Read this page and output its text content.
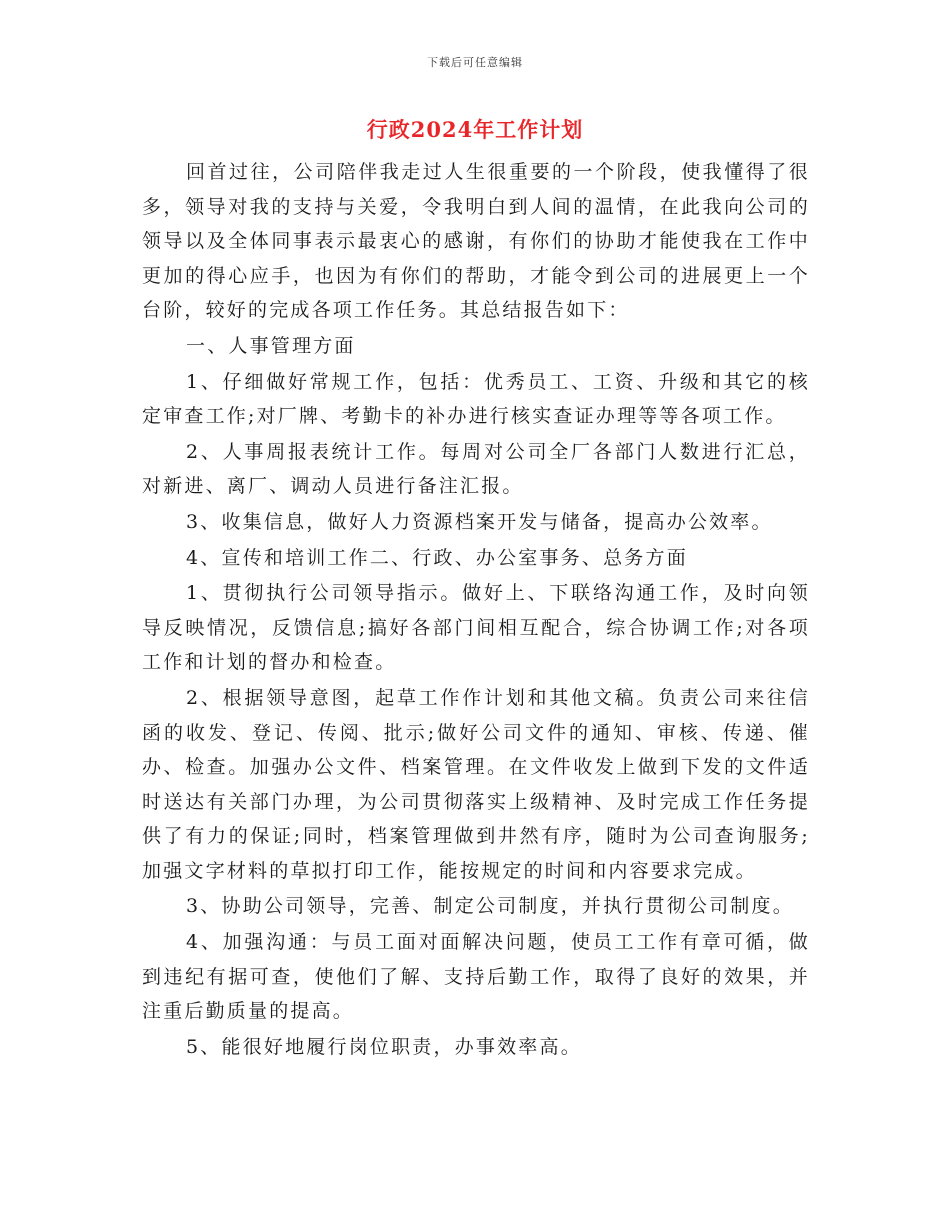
下载后可任意编辑
行政2024年工作计划

回首过往，公司陪伴我走过人生很重要的一个阶段，使我懂得了很多，领导对我的支持与关爱，令我明白到人间的温情，在此我向公司的领导以及全体同事表示最衷心的感谢，有你们的协助才能使我在工作中更加的得心应手，也因为有你们的帮助，才能令到公司的进展更上一个台阶，较好的完成各项工作任务。其总结报告如下：

一、人事管理方面

1、仔细做好常规工作，包括：优秀员工、工资、升级和其它的核定审查工作;对厂牌、考勤卡的补办进行核实查证办理等等各项工作。

2、人事周报表统计工作。每周对公司全厂各部门人数进行汇总，对新进、离厂、调动人员进行备注汇报。

3、收集信息，做好人力资源档案开发与储备，提高办公效率。

4、宣传和培训工作二、行政、办公室事务、总务方面

1、贯彻执行公司领导指示。做好上、下联络沟通工作，及时向领导反映情况，反馈信息;搞好各部门间相互配合，综合协调工作;对各项工作和计划的督办和检查。

2、根据领导意图，起草工作作计划和其他文稿。负责公司来往信函的收发、登记、传阅、批示;做好公司文件的通知、审核、传递、催办、检查。加强办公文件、档案管理。在文件收发上做到下发的文件适时送达有关部门办理，为公司贯彻落实上级精神、及时完成工作任务提供了有力的保证;同时，档案管理做到井然有序，随时为公司查询服务;加强文字材料的草拟打印工作，能按规定的时间和内容要求完成。

3、协助公司领导，完善、制定公司制度，并执行贯彻公司制度。

4、加强沟通：与员工面对面解决问题，使员工工作有章可循，做到违纪有据可查，使他们了解、支持后勤工作，取得了良好的效果，并注重后勤质量的提高。

5、能很好地履行岗位职责，办事效率高。
